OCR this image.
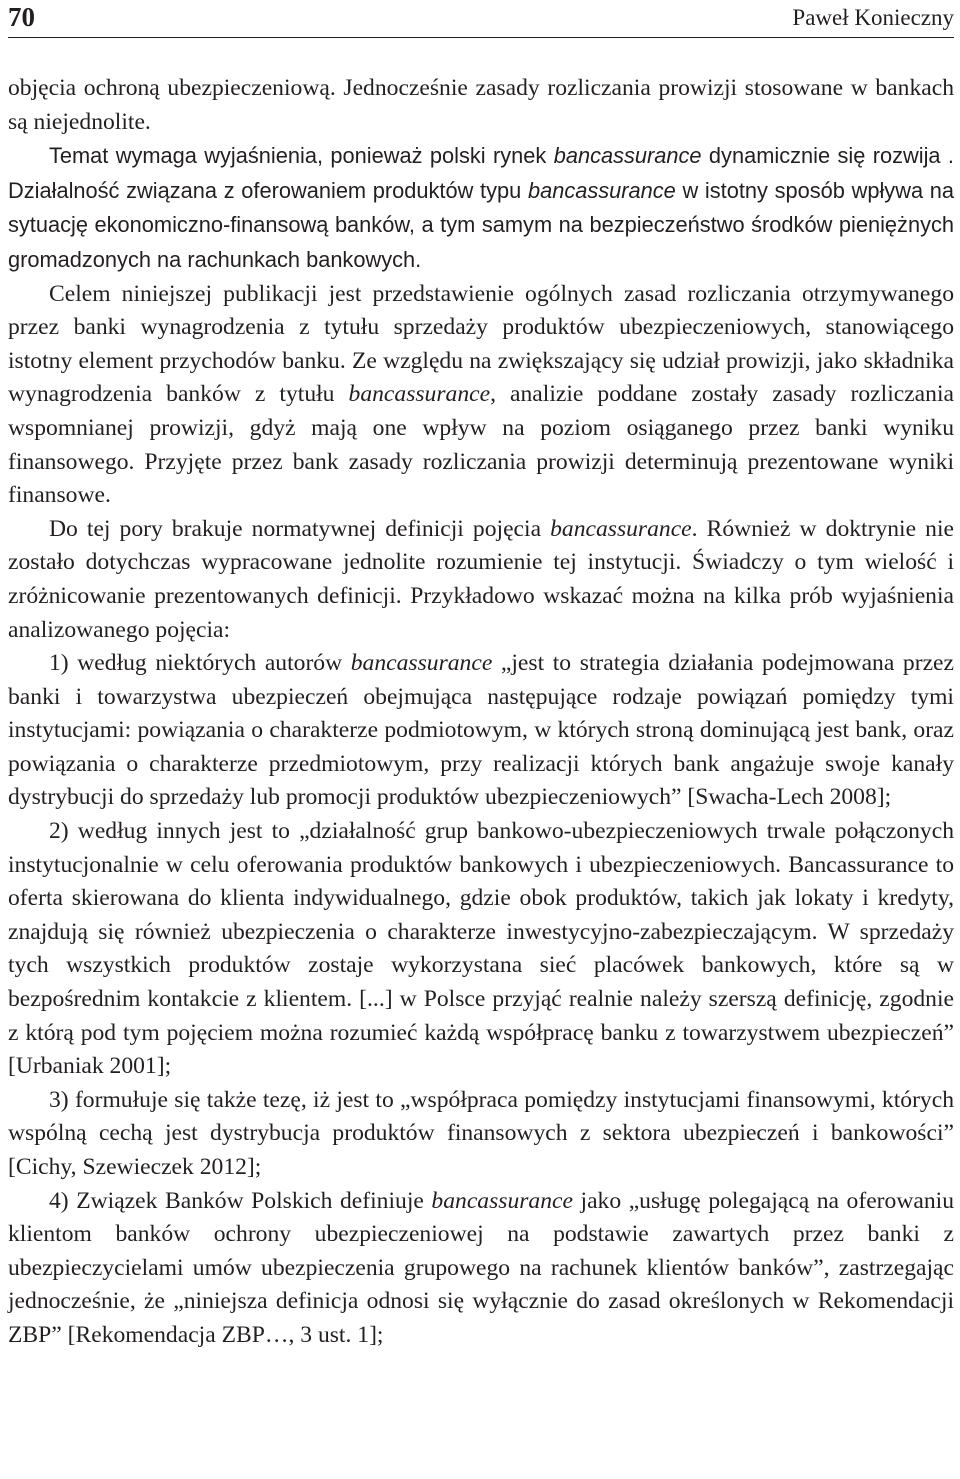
70	Paweł Konieczny

objęcia ochroną ubezpieczeniową. Jednocześnie zasady rozliczania prowizji stosowane w bankach są niejednolite.

Temat wymaga wyjaśnienia, ponieważ polski rynek bancassurance dynamicznie się rozwija . Działalność związana z oferowaniem produktów typu bancassurance w istotny sposób wpływa na sytuację ekonomiczno-finansową banków, a tym samym na bezpieczeństwo środków pieniężnych gromadzonych na rachunkach bankowych.

Celem niniejszej publikacji jest przedstawienie ogólnych zasad rozliczania otrzymywanego przez banki wynagrodzenia z tytułu sprzedaży produktów ubezpieczeniowych, stanowiącego istotny element przychodów banku. Ze względu na zwiększający się udział prowizji, jako składnika wynagrodzenia banków z tytułu bancassurance, analizie poddane zostały zasady rozliczania wspomnianej prowizji, gdyż mają one wpływ na poziom osiąganego przez banki wyniku finansowego. Przyjęte przez bank zasady rozliczania prowizji determinują prezentowane wyniki finansowe.

Do tej pory brakuje normatywnej definicji pojęcia bancassurance. Również w doktrynie nie zostało dotychczas wypracowane jednolite rozumienie tej instytucji. Świadczy o tym wielość i zróżnicowanie prezentowanych definicji. Przykładowo wskazać można na kilka prób wyjaśnienia analizowanego pojęcia:

1) według niektórych autorów bancassurance „jest to strategia działania podejmowana przez banki i towarzystwa ubezpieczeń obejmująca następujące rodzaje powiązań pomiędzy tymi instytucjami: powiązania o charakterze podmiotowym, w których stroną dominującą jest bank, oraz powiązania o charakterze przedmiotowym, przy realizacji których bank angażuje swoje kanały dystrybucji do sprzedaży lub promocji produktów ubezpieczeniowych” [Swacha-Lech 2008];

2) według innych jest to „działalność grup bankowo-ubezpieczeniowych trwale połączonych instytucjonalnie w celu oferowania produktów bankowych i ubezpieczeniowych. Bancassurance to oferta skierowana do klienta indywidualnego, gdzie obok produktów, takich jak lokaty i kredyty, znajdują się również ubezpieczenia o charakterze inwestycyjno-zabezpieczającym. W sprzedaży tych wszystkich produktów zostaje wykorzystana sieć placówek bankowych, które są w bezpośrednim kontakcie z klientem. [...] w Polsce przyjąć realnie należy szerszą definicję, zgodnie z którą pod tym pojęciem można rozumieć każdą współpracę banku z towarzystwem ubezpieczeń” [Urbaniak 2001];

3) formułuje się także tezę, iż jest to „współpraca pomiędzy instytucjami finansowymi, których wspólną cechą jest dystrybucja produktów finansowych z sektora ubezpieczeń i bankowości” [Cichy, Szewieczek 2012];

4) Związek Banków Polskich definiuje bancassurance jako „usługę polegającą na oferowaniu klientom banków ochrony ubezpieczeniowej na podstawie zawartych przez banki z ubezpieczycielami umów ubezpieczenia grupowego na rachunek klientów banków”, zastrzegając jednocześnie, że „niniejsza definicja odnosi się wyłącznie do zasad określonych w Rekomendacji ZBP” [Rekomendacja ZBP…, 3 ust. 1];
